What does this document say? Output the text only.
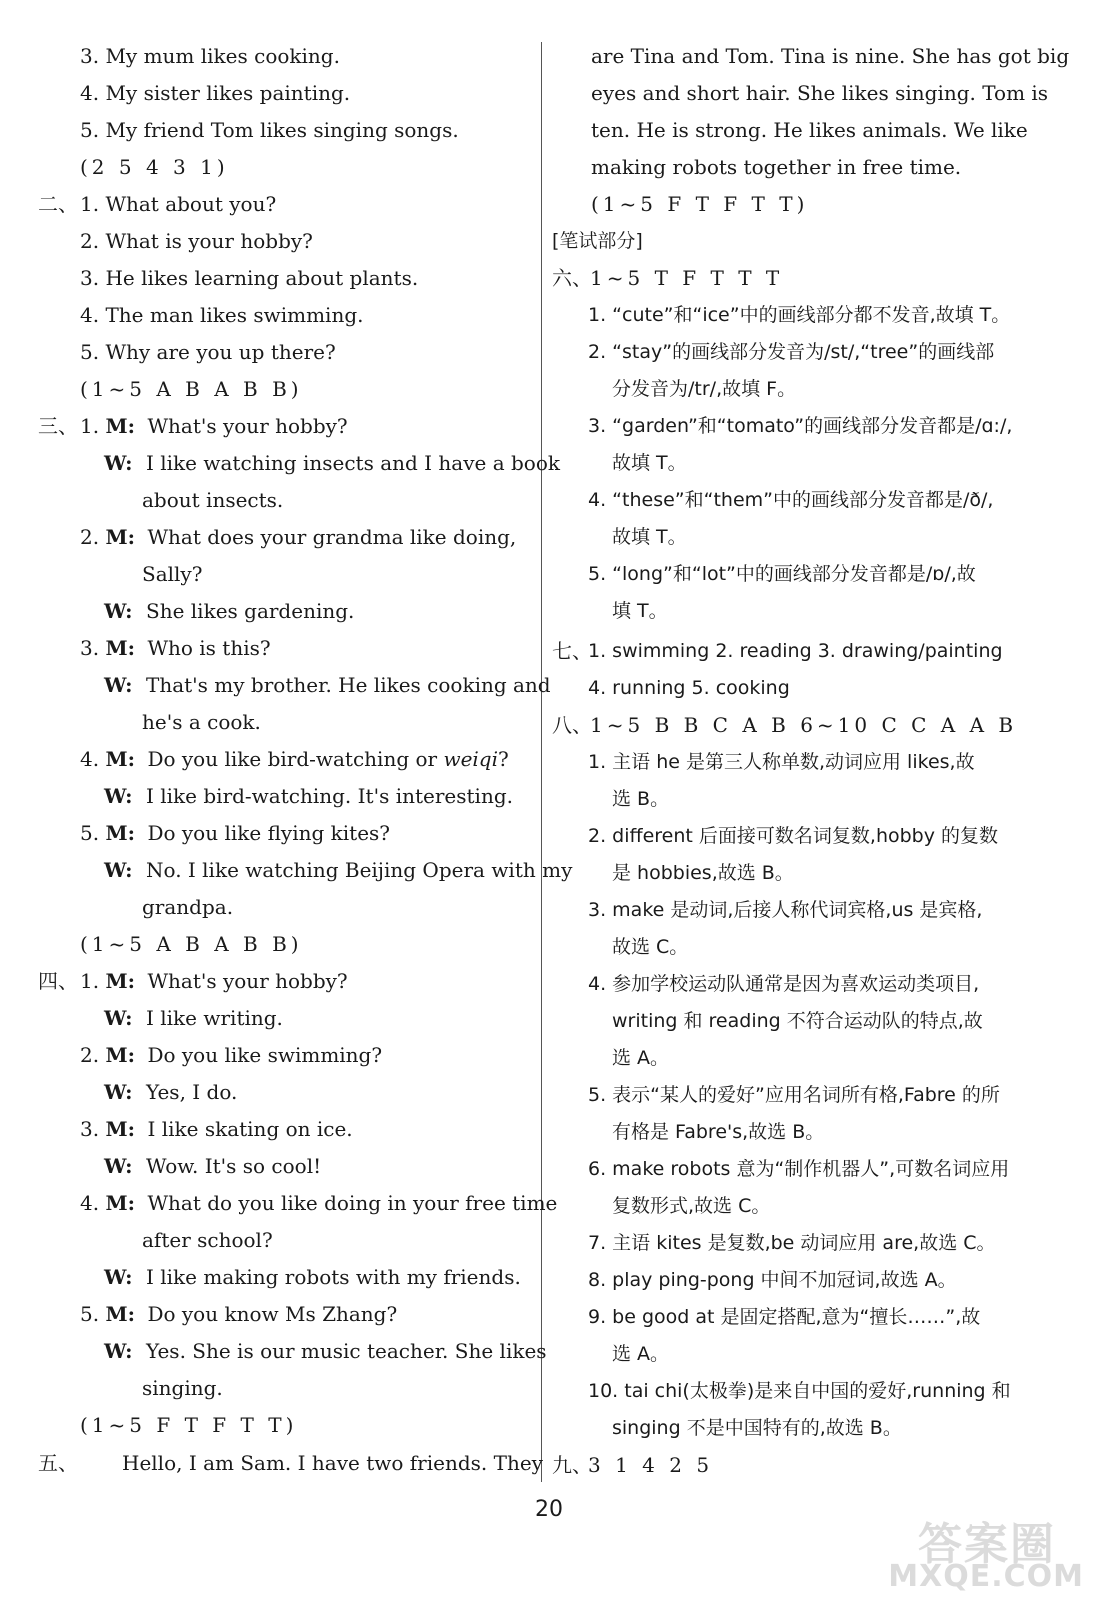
3. My mum likes cooking.
4. My sister likes painting.
5. My friend Tom likes singing songs.
(2 5 4 3 1)
二、 1. What about you?
2. What is your hobby?
3. He likes learning about plants.
4. The man likes swimming.
5. Why are you up there?
(1~5 A B A B B)
三、 1. M: What's your hobby?
W: I like watching insects and I have a book
about insects.
2. M: What does your grandma like doing,
Sally?
W: She likes gardening.
3. M: Who is this?
W: That's my brother. He likes cooking and
he's a cook.
4. M: Do you like bird-watching or weiqi?
W: I like bird-watching. It's interesting.
5. M: Do you like flying kites?
W: No. I like watching Beijing Opera with my
grandpa.
(1~5 A B A B B)
四、 1. M: What's your hobby?
W: I like writing.
2. M: Do you like swimming?
W: Yes, I do.
3. M: I like skating on ice.
W: Wow. It's so cool!
4. M: What do you like doing in your free time
after school?
W: I like making robots with my friends.
5. M: Do you know Ms Zhang?
W: Yes. She is our music teacher. She likes
singing.
(1~5 F T F T T)
五、 Hello, I am Sam. I have two friends. They
are Tina and Tom. Tina is nine. She has got big
eyes and short hair. She likes singing. Tom is
ten. He is strong. He likes animals. We like
making robots together in free time.
(1~5 F T F T T)
[笔试部分]
六、
1~5 T F T T T
1. “cute”和“ice”中的画线部分都不发音,故填 T。
2. “stay”的画线部分发音为/st/,“tree”的画线部
分发音为/tr/,故填 F。
3. “garden”和“tomato”的画线部分发音都是/ɑ:/,
故填 T。
4. “these”和“them”中的画线部分发音都是/ð/,
故填 T。
5. “long”和“lot”中的画线部分发音都是/ɒ/,故
填 T。
七、
1. swimming 2. reading 3. drawing/painting
4. running 5. cooking
八、
1~5 B B C A B 6~10 C C A A B
1. 主语 he 是第三人称单数,动词应用 likes,故
选 B。
2. different 后面接可数名词复数,hobby 的复数
是 hobbies,故选 B。
3. make 是动词,后接人称代词宾格,us 是宾格,
故选 C。
4. 参加学校运动队通常是因为喜欢运动类项目,
writing 和 reading 不符合运动队的特点,故
选 A。
5. 表示“某人的爱好”应用名词所有格,Fabre 的所
有格是 Fabre's,故选 B。
6. make robots 意为“制作机器人”,可数名词应用
复数形式,故选 C。
7. 主语 kites 是复数,be 动词应用 are,故选 C。
8. play ping-pong 中间不加冠词,故选 A。
9. be good at 是固定搭配,意为“擅长……”,故
选 A。
10. tai chi(太极拳)是来自中国的爱好,running 和
singing 不是中国特有的,故选 B。
九、
3 1 4 2 5
20
答案圈
MXQE.COM
